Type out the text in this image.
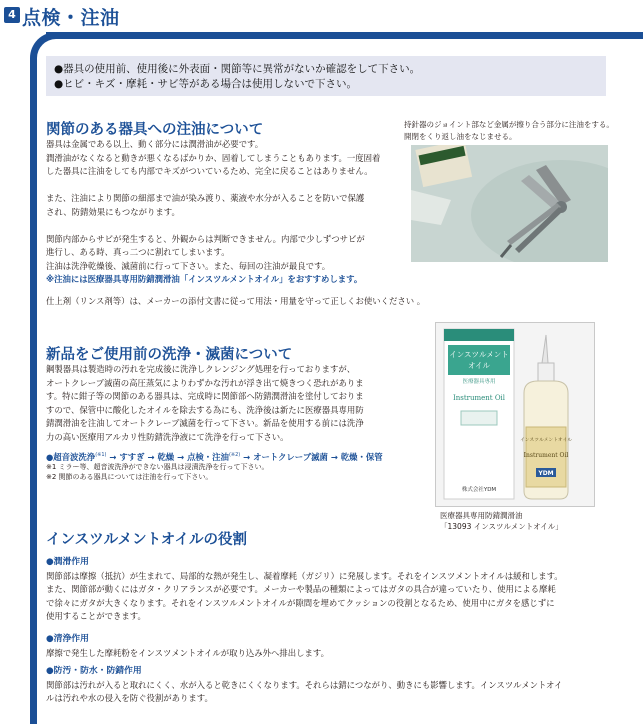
4 点検・注油

●器具の使用前、使用後に外表面・関節等に異常がないか確認をして下さい。

●ヒビ・キズ・摩耗・サビ等がある場合は使用しないで下さい。

関節のある器具への注油について

器具は金属である以上、動く部分には潤滑油が必要です。

潤滑油がなくなると動きが悪くなるばかりか、固着してしまうこともあります。一度固着

した器具に注油をしても内部でキズがついているため、完全に戻ることはありません。

また、注油により関節の細部まで油が染み渡り、薬液や水分が入ることを防いで保護

され、防錆効果にもつながります。

関節内部からサビが発生すると、外観からは判断できません。内部で少しずつサビが

進行し、ある時、真っ二つに割れてしまいます。

注油は洗浄乾燥後、滅菌前に行って下さい。また、毎回の注油が最良です。

※注油には医療器具専用防錆潤滑油「インスツルメントオイル」をおすすめします。

仕上剤（リンス剤等）は、メーカーの添付文書に従って用法・用量を守って正しくお使いください 。

持針器のジョイント部など金属が擦り合う部分に注油をする。
開閉をくり返し油をなじませる。
新品をご使用前の洗浄・滅菌について

鋼製器具は製造時の汚れを完成後に洗浄しクレンジング処理を行っておりますが、

オートクレーブ滅菌の高圧蒸気によりわずかな汚れが浮き出て焼きつく恐れがありま

す。特に鉗子等の関節のある器具は、完成時に関節部へ防錆潤滑油を塗付しておりま

すので、保管中に酸化したオイルを除去する為にも、洗浄後は新たに医療器具専用防

錆潤滑油を注油してオートクレーブ滅菌を行って下さい。新品を使用する前には洗浄

力の高い医療用アルカリ性防錆洗浄液にて洗浄を行って下さい。

●超音波洗浄$^{(※1)}$ → すすぎ → 乾燥 → 点検・注油$^{(※2)}$ → オートクレーブ滅菌 → 乾燥・保管
※1 ミラー等、超音波洗浄ができない器具は浸漬洗浄を行って下さい。
※2 関節のある器具については注油を行って下さい。
インスツルメント
オイル
医療器具専用
Instrument Oil
株式会社YDM
インスツルメントオイル
Instrument Oil
YDM
医療器具専用防錆潤滑油
「13093 インスツルメントオイル」
インスツルメントオイルの役割
●潤滑作用

関節部は摩擦（抵抗）が生まれて、局部的な熱が発生し、凝着摩耗（ガジリ）に発展します。それをインスツメントオイルは緩和します。

また、関節部が動くにはガタ・クリアランスが必要です。メーカーや製品の種類によってはガタの具合が違っていたり、使用による摩耗

で徐々にガタが大きくなります。それをインスツルメントオイルが隙間を埋めてクッションの役割となるため、使用中にガタを感じずに

使用することができます。

●清浄作用

摩擦で発生した摩耗粉をインスツメントオイルが取り込み外へ排出します。

●防汚・防水・防錆作用

関節部は汚れが入ると取れにくく、水が入ると乾きにくくなります。それらは錆につながり、動きにも影響します。インスツルメントオイ

ルは汚れや水の侵入を防ぐ役割があります。
